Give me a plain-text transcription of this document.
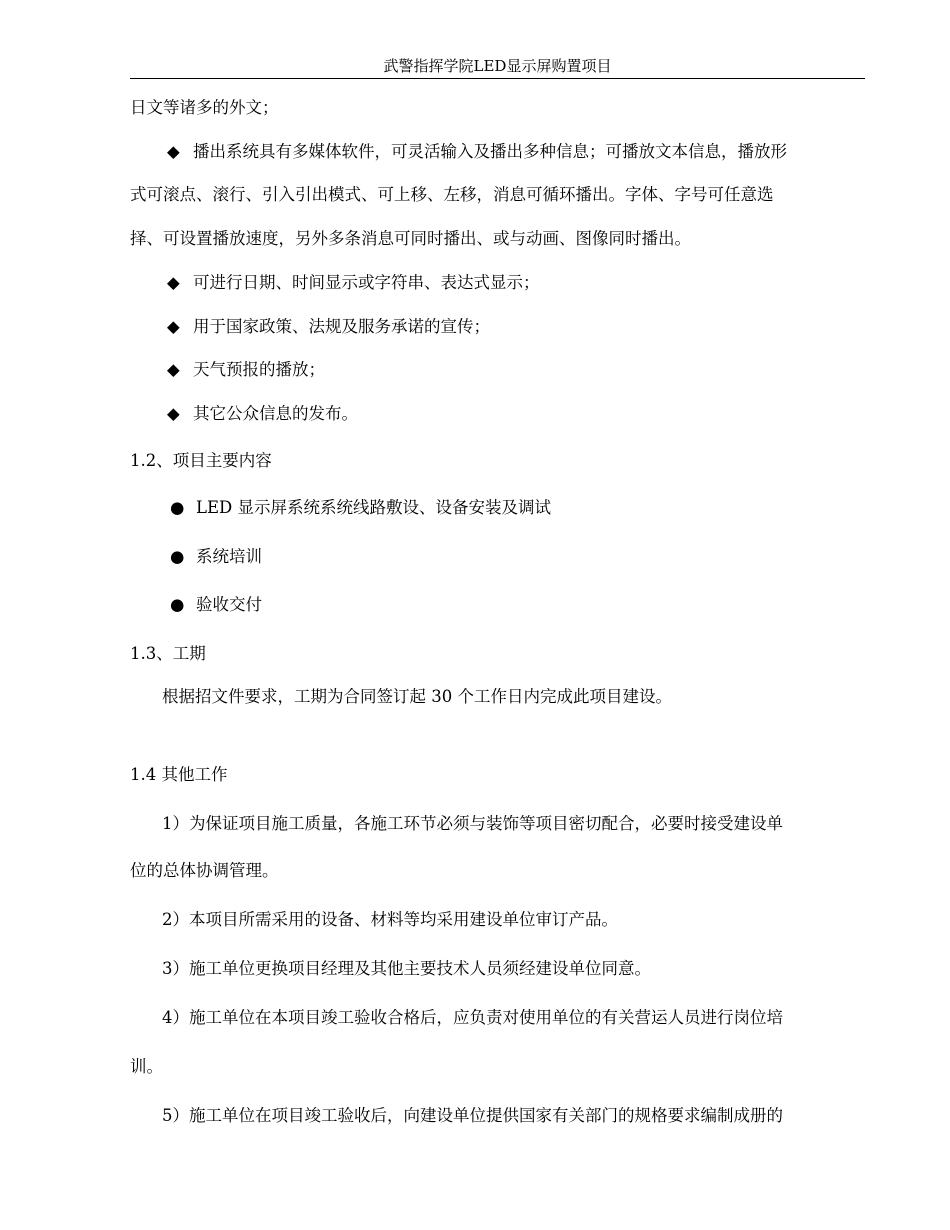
武警指挥学院LED显示屏购置项目
日文等诸多的外文；
◆ 播出系统具有多媒体软件，可灵活输入及播出多种信息；可播放文本信息，播放形
式可滚点、滚行、引入引出模式、可上移、左移，消息可循环播出。字体、字号可任意选
择、可设置播放速度，另外多条消息可同时播出、或与动画、图像同时播出。
◆ 可进行日期、时间显示或字符串、表达式显示；
◆ 用于国家政策、法规及服务承诺的宣传；
◆ 天气预报的播放；
◆ 其它公众信息的发布。
1.2、项目主要内容
● LED 显示屏系统系统线路敷设、设备安装及调试
● 系统培训
● 验收交付
1.3、工期
根据招文件要求，工期为合同签订起 30 个工作日内完成此项目建设。
1.4 其他工作
1）为保证项目施工质量，各施工环节必须与装饰等项目密切配合，必要时接受建设单
位的总体协调管理。
2）本项目所需采用的设备、材料等均采用建设单位审订产品。
3）施工单位更换项目经理及其他主要技术人员须经建设单位同意。
4）施工单位在本项目竣工验收合格后，应负责对使用单位的有关营运人员进行岗位培
训。
5）施工单位在项目竣工验收后，向建设单位提供国家有关部门的规格要求编制成册的
